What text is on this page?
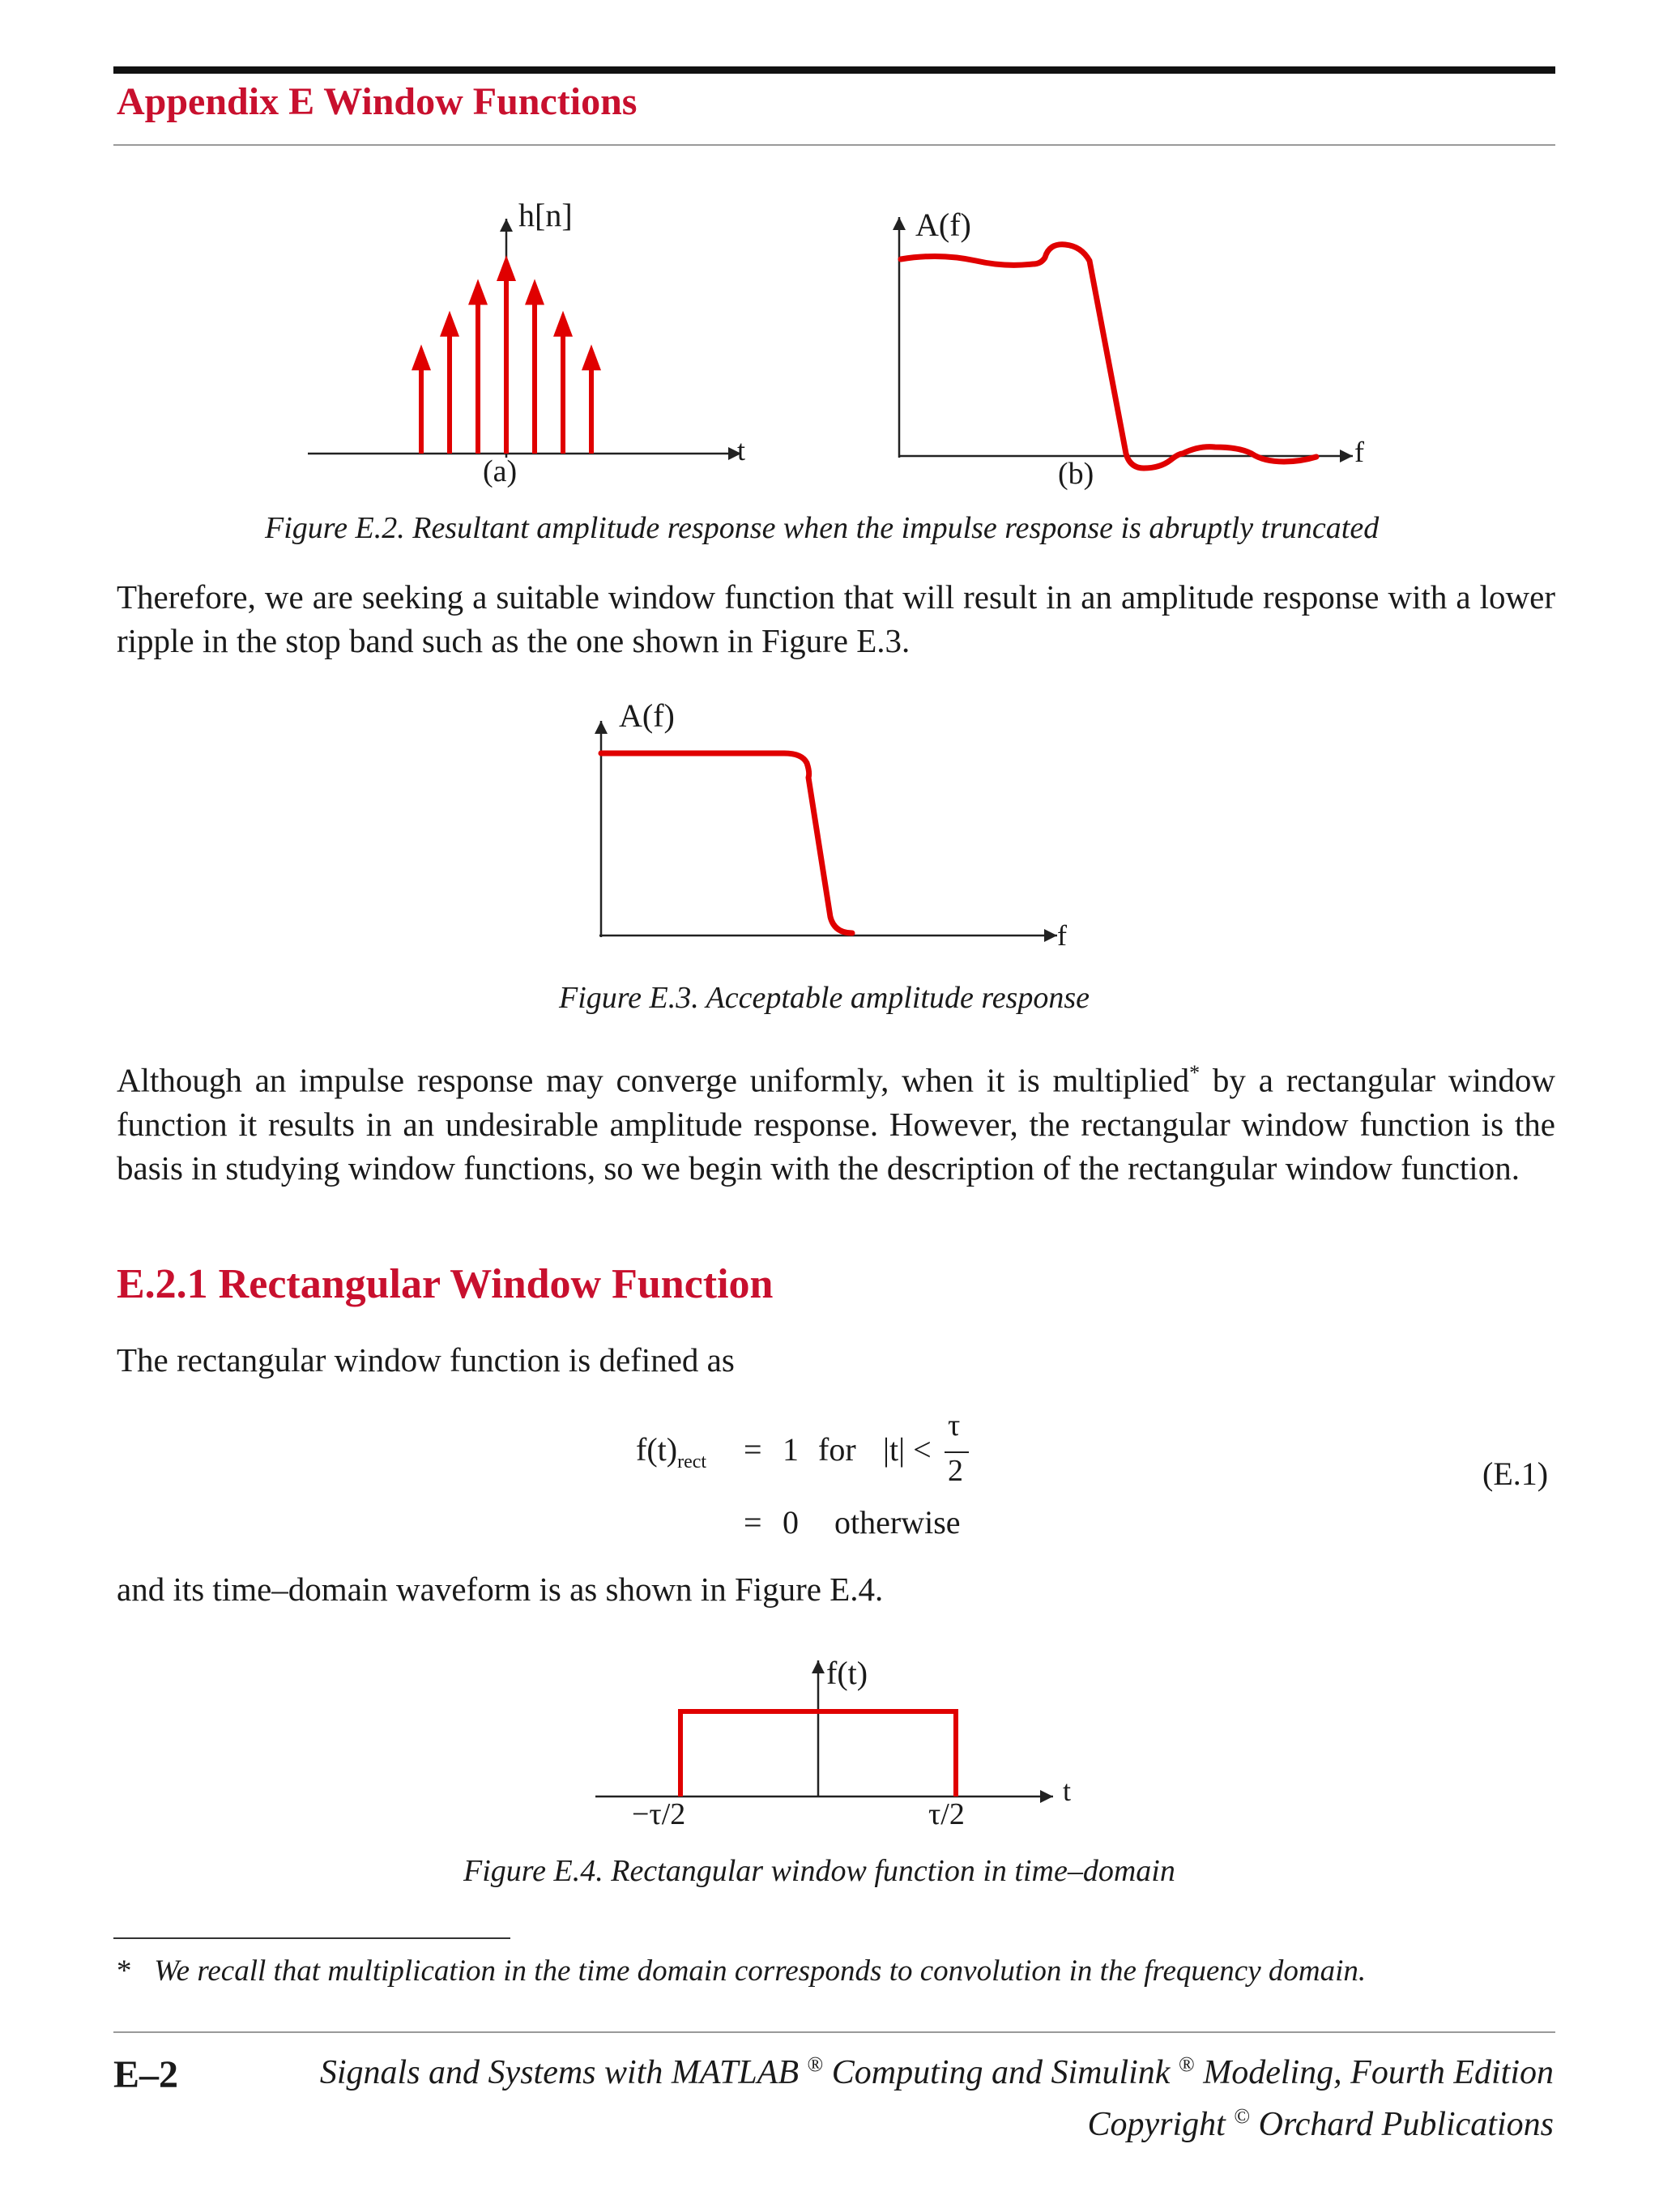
Appendix E Window Functions
h[n]
t
(a)
A(f)
f
(b)
Figure E.2. Resultant amplitude response when the impulse response is abruptly truncated
Therefore, we are seeking a suitable window function that will result in an amplitude response with a lower ripple in the stop band such as the one shown in Figure E.3.
A(f)
f
Figure E.3. Acceptable amplitude response
Although an impulse response may converge uniformly, when it is multiplied* by a rectangular window function it results in an undesirable amplitude response. However, the rectangular window function is the basis in studying window functions, so we begin with the description of the rectangular window function.
E.2.1 Rectangular Window Function
The rectangular window function is defined as
$f(t)_{rect} = 1$ for |t| <
τ
2
= 0 otherwise
(E.1)
and its time–domain waveform is as shown in Figure E.4.
f(t)
t
−τ/2	τ/2
Figure E.4. Rectangular window function in time–domain
* We recall that multiplication in the time domain corresponds to convolution in the frequency domain.
E–2	Signals and Systems with MATLAB ® Computing and Simulink ® Modeling, Fourth Edition
Copyright © Orchard Publications
